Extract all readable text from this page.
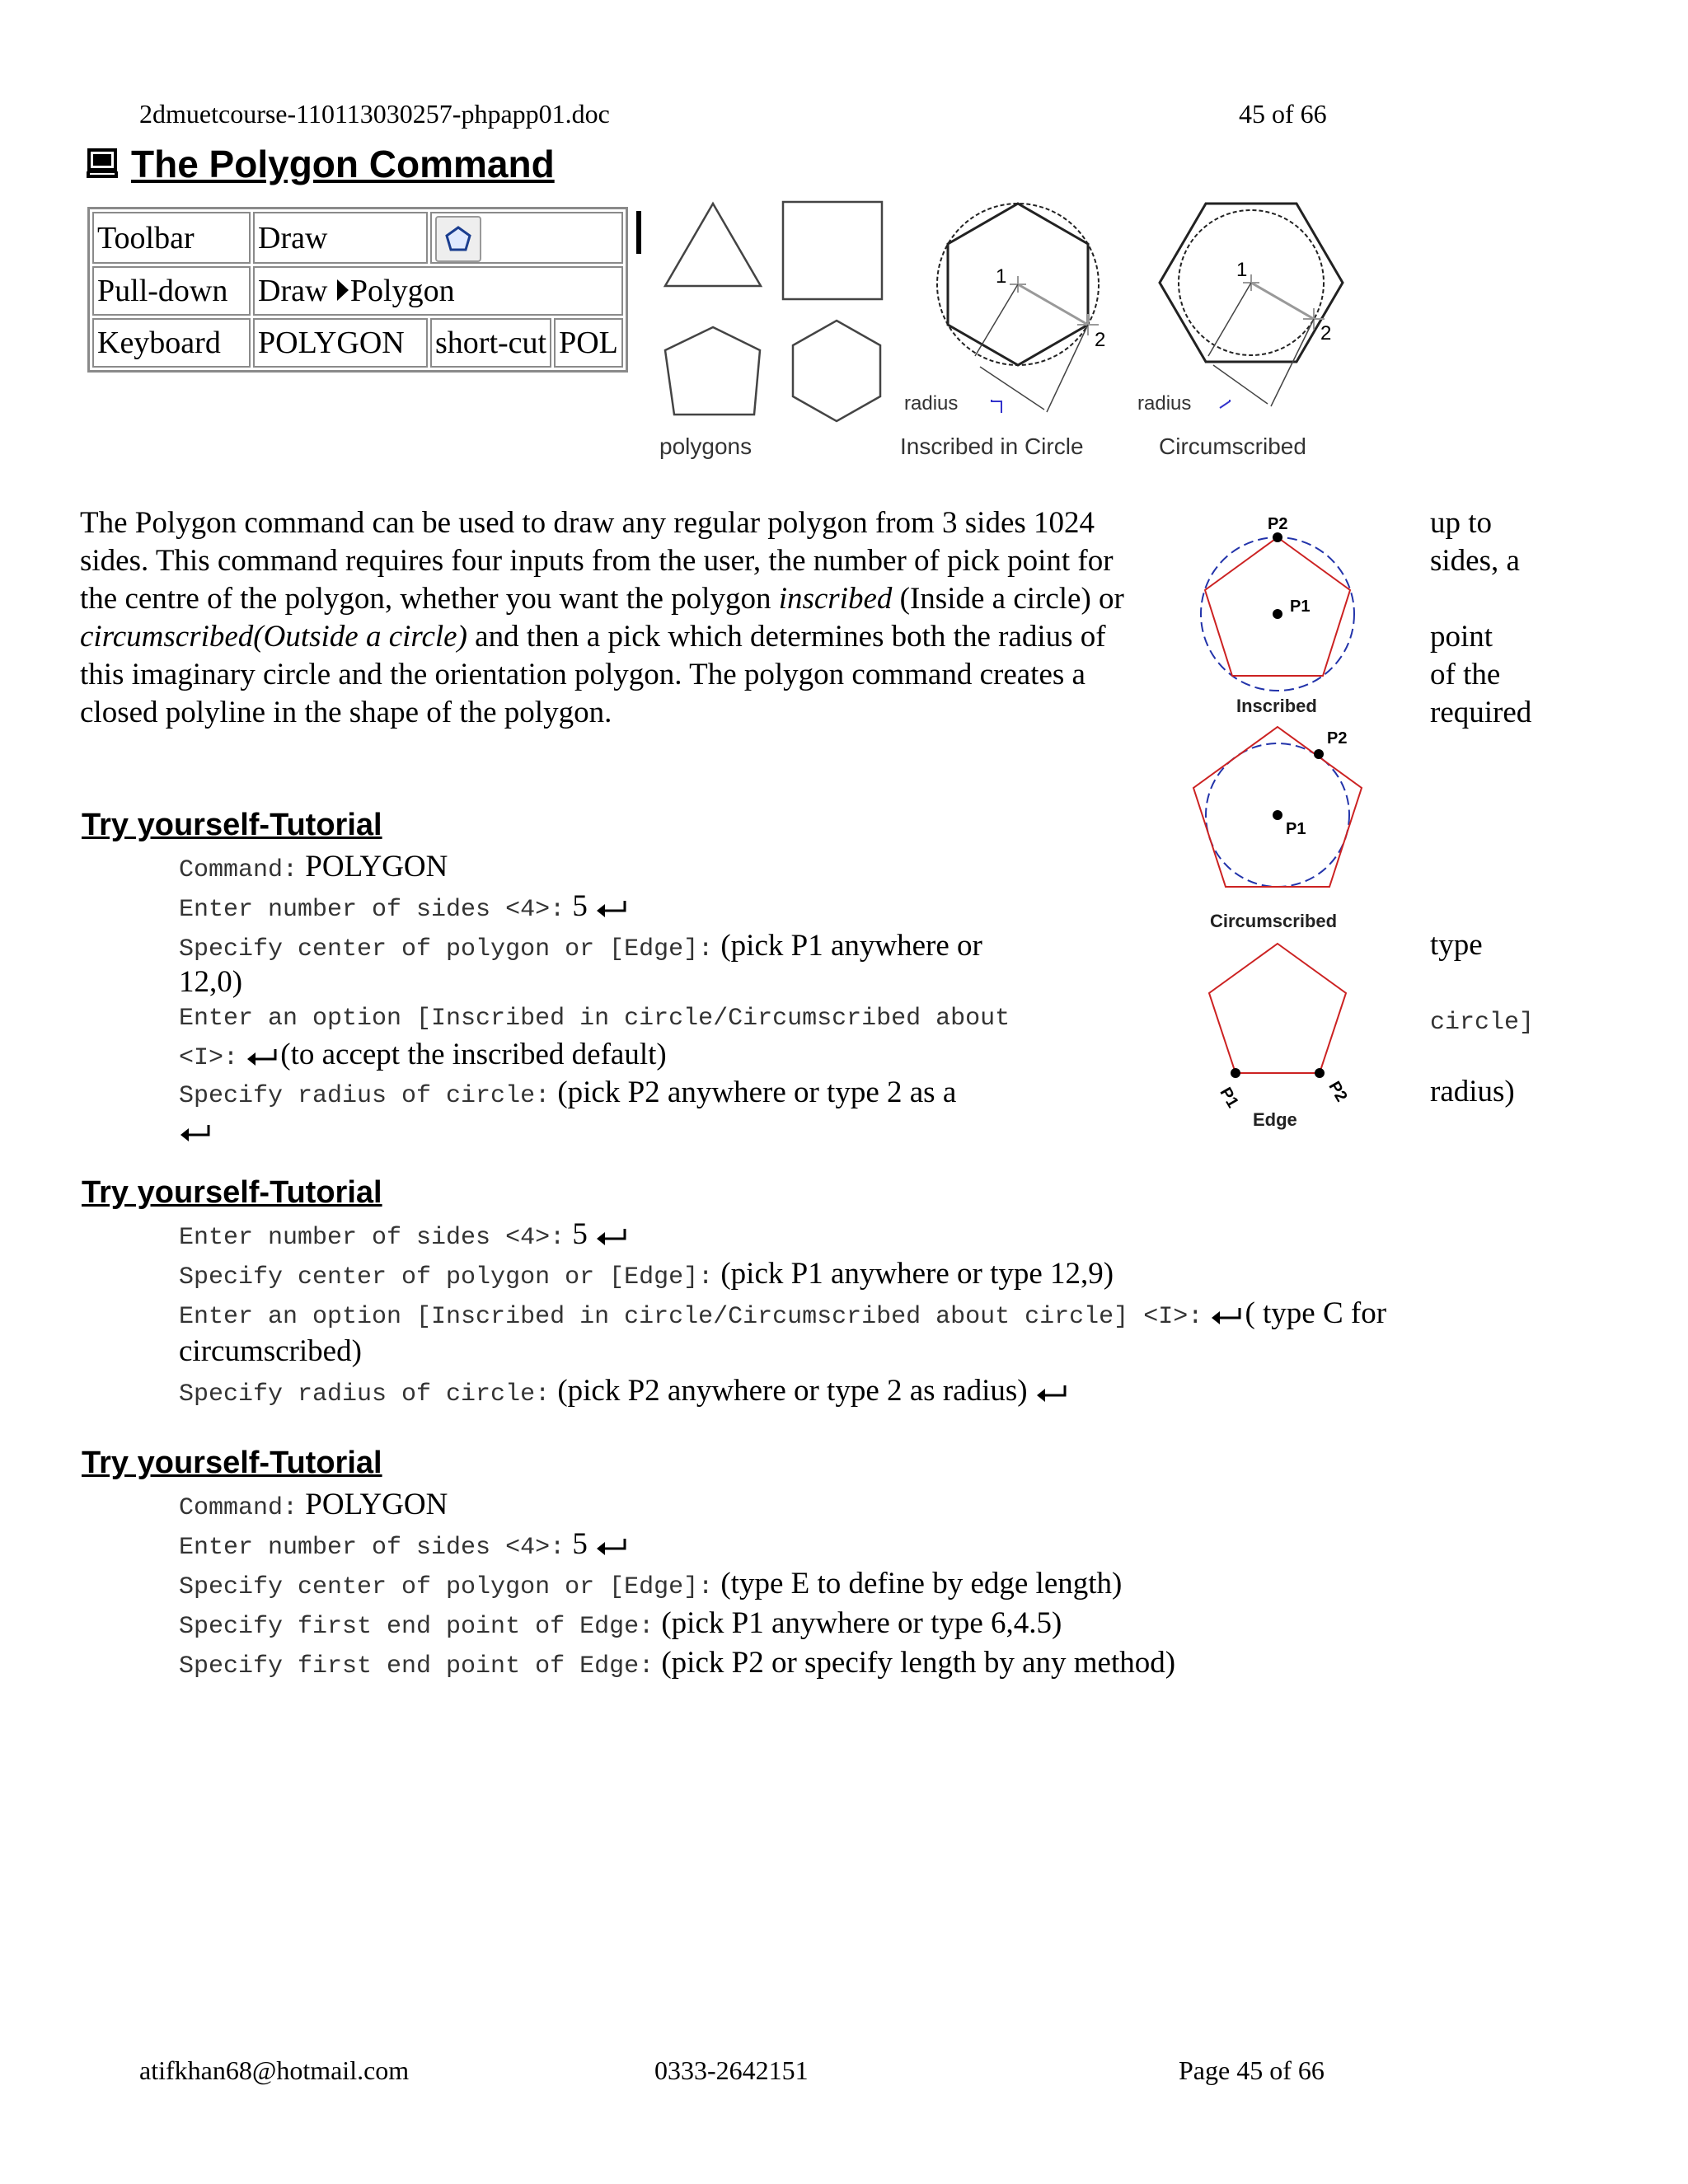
2dmuetcourse-110113030257-phpapp01.doc	45 of 66
The Polygon Command
Toolbar	Draw	
Pull-down	Draw Polygon		
Keyboard	POLYGON	short-cut	POL
polygons
1
2
radius
Inscribed in Circle
1
2
radius
Circumscribed
P2
P1
Inscribed
P2
P1
Circumscribed
P1	P2
Edge
The Polygon command can be used to draw any regular polygon from 3 sides 1024 sides. This command requires four inputs from the user, the number of pick point for the centre of the polygon, whether you want the polygon inscribed (Inside a circle) or circumscribed(Outside a circle) and then a pick which determines both the radius of this imaginary circle and the orientation polygon. The polygon command creates a closed polyline in the shape of the polygon.
up to
sides, a
point
of the
required
type
circle]
radius)
Try yourself-Tutorial
Command: POLYGON
Enter number of sides <4>: 5
Specify center of polygon or [Edge]: (pick P1 anywhere or
12,0)
Enter an option [Inscribed in circle/Circumscribed about
<I>: (to accept the inscribed default)
Specify radius of circle: (pick P2 anywhere or type 2 as a
Try yourself-Tutorial
Enter number of sides <4>: 5
Specify center of polygon or [Edge]: (pick P1 anywhere or type 12,9)
Enter an option [Inscribed in circle/Circumscribed about circle] <I>: ( type C for
circumscribed)
Specify radius of circle: (pick P2 anywhere or type 2 as radius)
Try yourself-Tutorial
Command: POLYGON
Enter number of sides <4>: 5
Specify center of polygon or [Edge]: (type E to define by edge length)
Specify first end point of Edge: (pick P1 anywhere or type 6,4.5)
Specify first end point of Edge: (pick P2 or specify length by any method)
atifkhan68@hotmail.com	0333-2642151	Page 45 of 66
